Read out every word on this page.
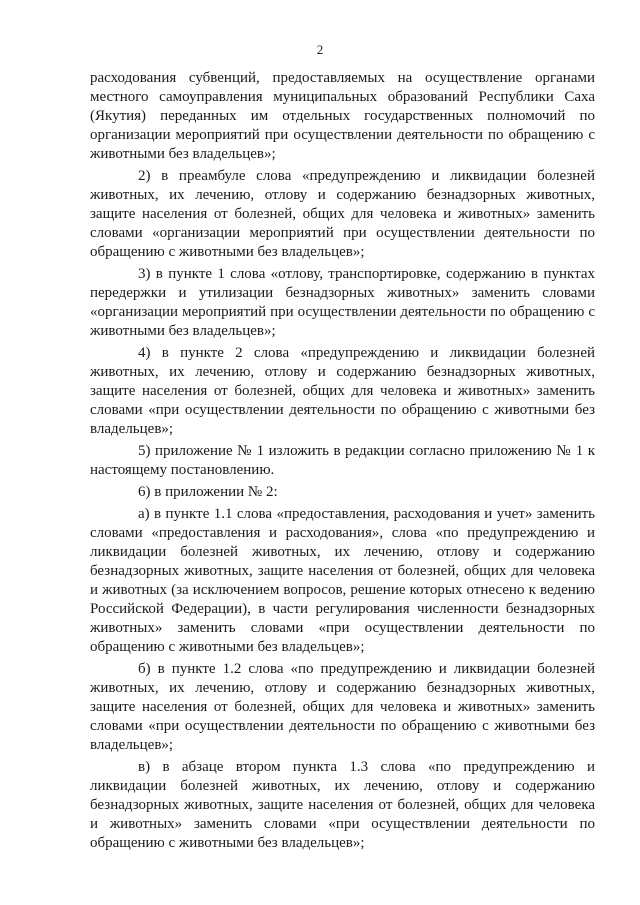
·
2

расходования субвенций, предоставляемых на осуществление органами местного самоуправления муниципальных образований Республики Саха (Якутия) переданных им отдельных государственных полномочий по организации мероприятий при осуществлении деятельности по обращению с животными без владельцев»;

2) в преамбуле слова «предупреждению и ликвидации болезней животных, их лечению, отлову и содержанию безнадзорных животных, защите населения от болезней, общих для человека и животных» заменить словами «организации мероприятий при осуществлении деятельности по обращению с животными без владельцев»;

3) в пункте 1 слова «отлову, транспортировке, содержанию в пунктах передержки и утилизации безнадзорных животных» заменить словами «организации мероприятий при осуществлении деятельности по обращению с животными без владельцев»;

4) в пункте 2 слова «предупреждению и ликвидации болезней животных, их лечению, отлову и содержанию безнадзорных животных, защите населения от болезней, общих для человека и животных» заменить словами «при осуществлении деятельности по обращению с животными без владельцев»;

5) приложение № 1 изложить в редакции согласно приложению № 1 к настоящему постановлению.

6) в приложении № 2:

а) в пункте 1.1 слова «предоставления, расходования и учет» заменить словами «предоставления и расходования», слова «по предупреждению и ликвидации болезней животных, их лечению, отлову и содержанию безнадзорных животных, защите населения от болезней, общих для человека и животных (за исключением вопросов, решение которых отнесено к ведению Российской Федерации), в части регулирования численности безнадзорных животных» заменить словами «при осуществлении деятельности по обращению с животными без владельцев»;

б) в пункте 1.2 слова «по предупреждению и ликвидации болезней животных, их лечению, отлову и содержанию безнадзорных животных, защите населения от болезней, общих для человека и животных» заменить словами «при осуществлении деятельности по обращению с животными без владельцев»;

в) в абзаце втором пункта 1.3 слова «по предупреждению и ликвидации болезней животных, их лечению, отлову и содержанию безнадзорных животных, защите населения от болезней, общих для человека и животных» заменить словами «при осуществлении деятельности по обращению с животными без владельцев»;
